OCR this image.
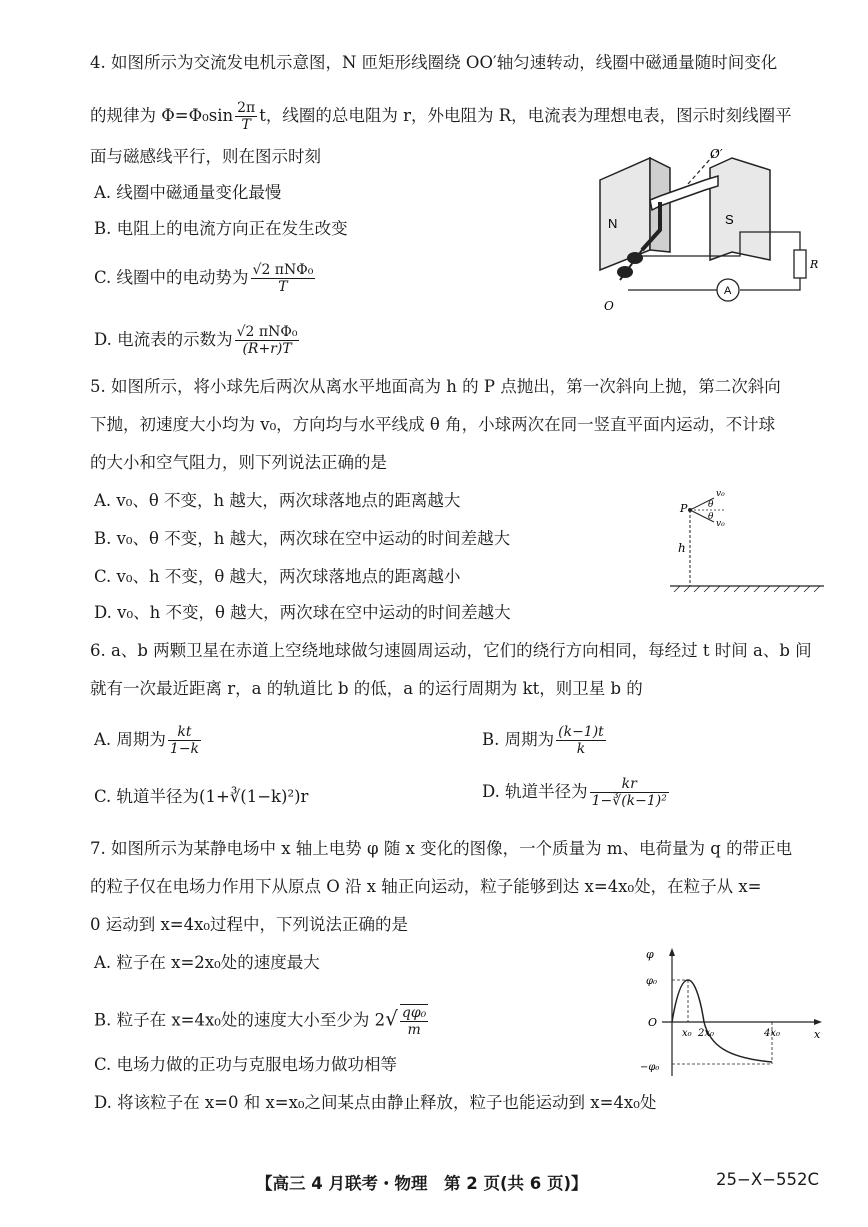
4. 如图所示为交流发电机示意图，N 匝矩形线圈绕 OO′轴匀速转动，线圈中磁通量随时间变化
的规律为 $\Phi=\Phi_0\sin \frac{2\pi}{T}$ t，线圈的总电阻为 r，外电阻为 R，电流表为理想电表，图示时刻线圈平
面与磁感线平行，则在图示时刻
A. 线圈中磁通量变化最慢
B. 电阻上的电流方向正在发生改变
C. 线圈中的电动势为 $\frac{\text{√2 πNΦ₀}}{T}$
D. 电流表的示数为 $\frac{\text{√2 πNΦ₀}}{(R+r)T}$
N	S
O′
O
R
A
5. 如图所示，将小球先后两次从离水平地面高为 h 的 P 点抛出，第一次斜向上抛，第二次斜向
下抛，初速度大小均为 v₀，方向均与水平线成 θ 角，小球两次在同一竖直平面内运动，不计球
的大小和空气阻力，则下列说法正确的是
A. v₀、θ 不变，h 越大，两次球落地点的距离越大
B. v₀、θ 不变，h 越大，两次球在空中运动的时间差越大
C. v₀、h 不变，θ 越大，两次球落地点的距离越小
D. v₀、h 不变，θ 越大，两次球在空中运动的时间差越大
P
h
v₀
v₀
θ
θ
6. a、b 两颗卫星在赤道上空绕地球做匀速圆周运动，它们的绕行方向相同，每经过 t 时间 a、b 间
就有一次最近距离 r，a 的轨道比 b 的低，a 的运行周期为 kt，则卫星 b 的
A. 周期为 $\frac{kt}{1-k}$	B. 周期为 $\frac{(k-1)t}{k}$
C. 轨道半径为(1+∛(1−k)²)r	D. 轨道半径为 $\frac{kr}{\text{1−∛(k−1)²}}$
7. 如图所示为某静电场中 x 轴上电势 φ 随 x 变化的图像，一个质量为 m、电荷量为 q 的带正电
的粒子仅在电场力作用下从原点 O 沿 x 轴正向运动，粒子能够到达 x=4x₀处，在粒子从 x=
0 运动到 x=4x₀过程中，下列说法正确的是
A. 粒子在 x=2x₀处的速度最大
B. 粒子在 x=4x₀处的速度大小至少为 $2√ \frac{\text{qφ₀}}{m}$
C. 电场力做的正功与克服电场力做功相等
D. 将该粒子在 x=0 和 x=x₀之间某点由静止释放，粒子也能运动到 x=4x₀处
φ
x
O
φ₀
−φ₀
x₀ 2x₀	4x₀
【高三 4 月联考・物理　第 2 页(共 6 页)】	25−X−552C
